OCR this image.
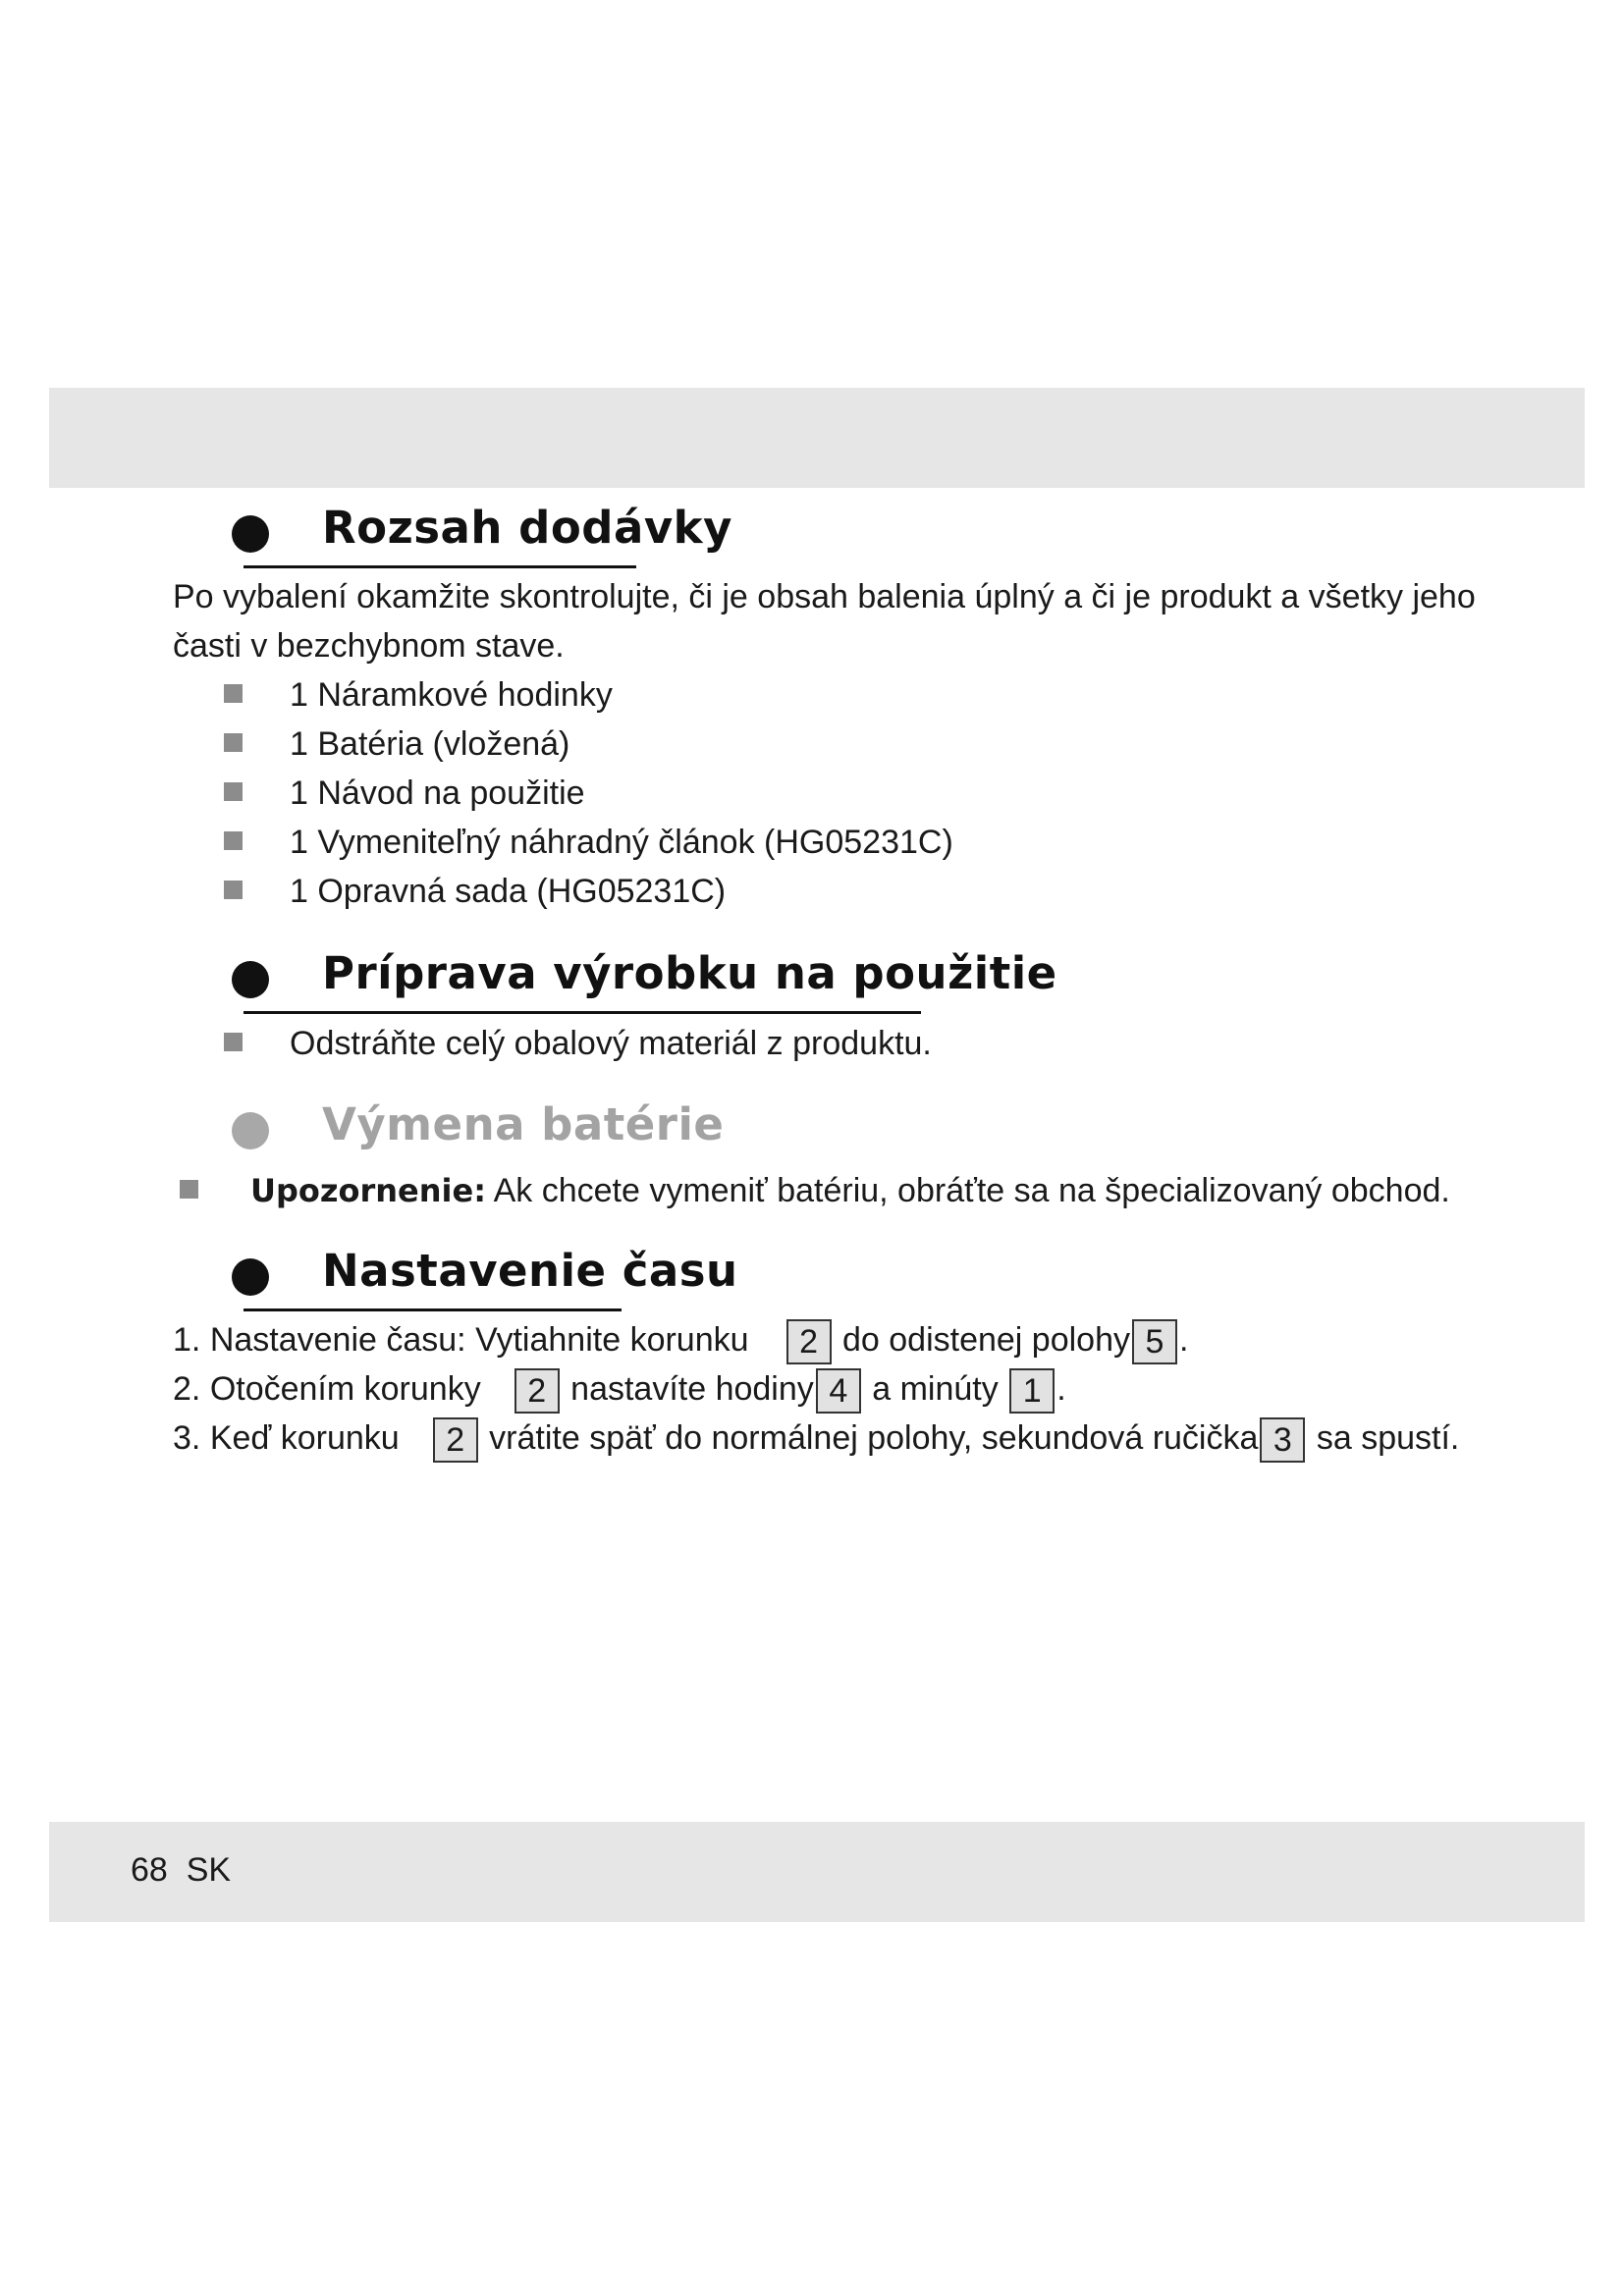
Rozsah dodávky
Po vybalení okamžite skontrolujte, či je obsah balenia úplný a či je produkt a všetky jeho
časti v bezchybnom stave.
1 Náramkové hodinky
1 Batéria (vložená)
1 Návod na použitie
1 Vymeniteľný náhradný článok (HG05231C)
1 Opravná sada (HG05231C)
Príprava výrobku na použitie
Odstráňte celý obalový materiál z produktu.
Výmena batérie
Upozornenie: Ak chcete vymeniť batériu, obráťte sa na špecializovaný obchod.
Nastavenie času
1. Nastavenie času: Vytiahnite korunku 2 do odistenej polohy 5 .
2. Otočením korunky 2 nastavíte hodiny 4 a minúty 1 .
3. Keď korunku 2 vrátite späť do normálnej polohy, sekundová ručička 3 sa spustí.
68 SK
